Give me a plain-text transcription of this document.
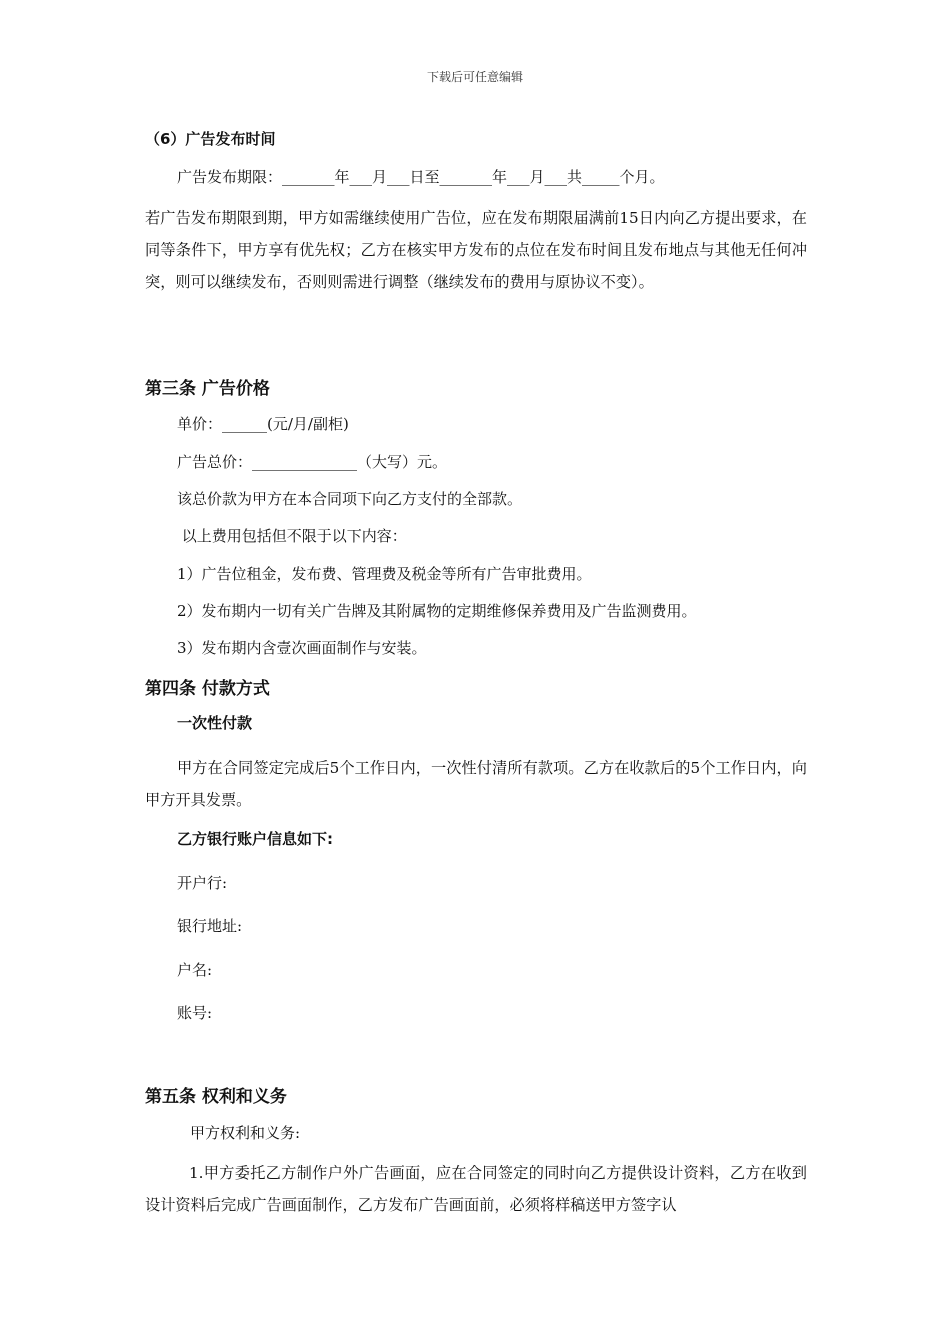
下载后可任意编辑
（6）广告发布时间
广告发布期限：_______年___月___日至_______年___月___共_____个月。
若广告发布期限到期，甲方如需继续使用广告位，应在发布期限届满前15日内向乙方提出要求，在同等条件下，甲方享有优先权；乙方在核实甲方发布的点位在发布时间且发布地点与其他无任何冲突，则可以继续发布，否则则需进行调整（继续发布的费用与原协议不变）。
第三条 广告价格
单价：______(元/月/副柜)
广告总价：______________（大写）元。
该总价款为甲方在本合同项下向乙方支付的全部款。
以上费用包括但不限于以下内容：
1）广告位租金，发布费、管理费及税金等所有广告审批费用。
2）发布期内一切有关广告牌及其附属物的定期维修保养费用及广告监测费用。
3）发布期内含壹次画面制作与安装。
第四条 付款方式
一次性付款
甲方在合同签定完成后5个工作日内，一次性付清所有款项。乙方在收款后的5个工作日内，向甲方开具发票。
乙方银行账户信息如下:
开户行:
银行地址:
户名:
账号:
第五条 权利和义务
甲方权利和义务:
1.甲方委托乙方制作户外广告画面，应在合同签定的同时向乙方提供设计资料，乙方在收到设计资料后完成广告画面制作，乙方发布广告画面前，必须将样稿送甲方签字认
